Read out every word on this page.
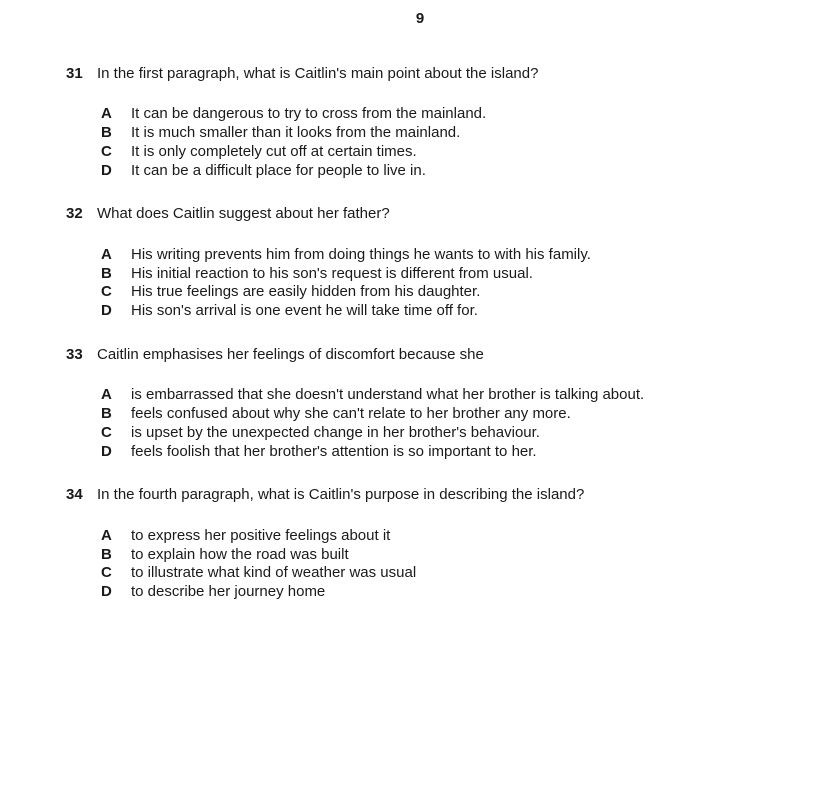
9
31 In the first paragraph, what is Caitlin's main point about the island?
A	It can be dangerous to try to cross from the mainland.
B	It is much smaller than it looks from the mainland.
C	It is only completely cut off at certain times.
D	It can be a difficult place for people to live in.
32 What does Caitlin suggest about her father?
A	His writing prevents him from doing things he wants to with his family.
B	His initial reaction to his son's request is different from usual.
C	His true feelings are easily hidden from his daughter.
D	His son's arrival is one event he will take time off for.
33 Caitlin emphasises her feelings of discomfort because she
A	is embarrassed that she doesn't understand what her brother is talking about.
B	feels confused about why she can't relate to her brother any more.
C	is upset by the unexpected change in her brother's behaviour.
D	feels foolish that her brother's attention is so important to her.
34 In the fourth paragraph, what is Caitlin's purpose in describing the island?
A	to express her positive feelings about it
B	to explain how the road was built
C	to illustrate what kind of weather was usual
D	to describe her journey home
